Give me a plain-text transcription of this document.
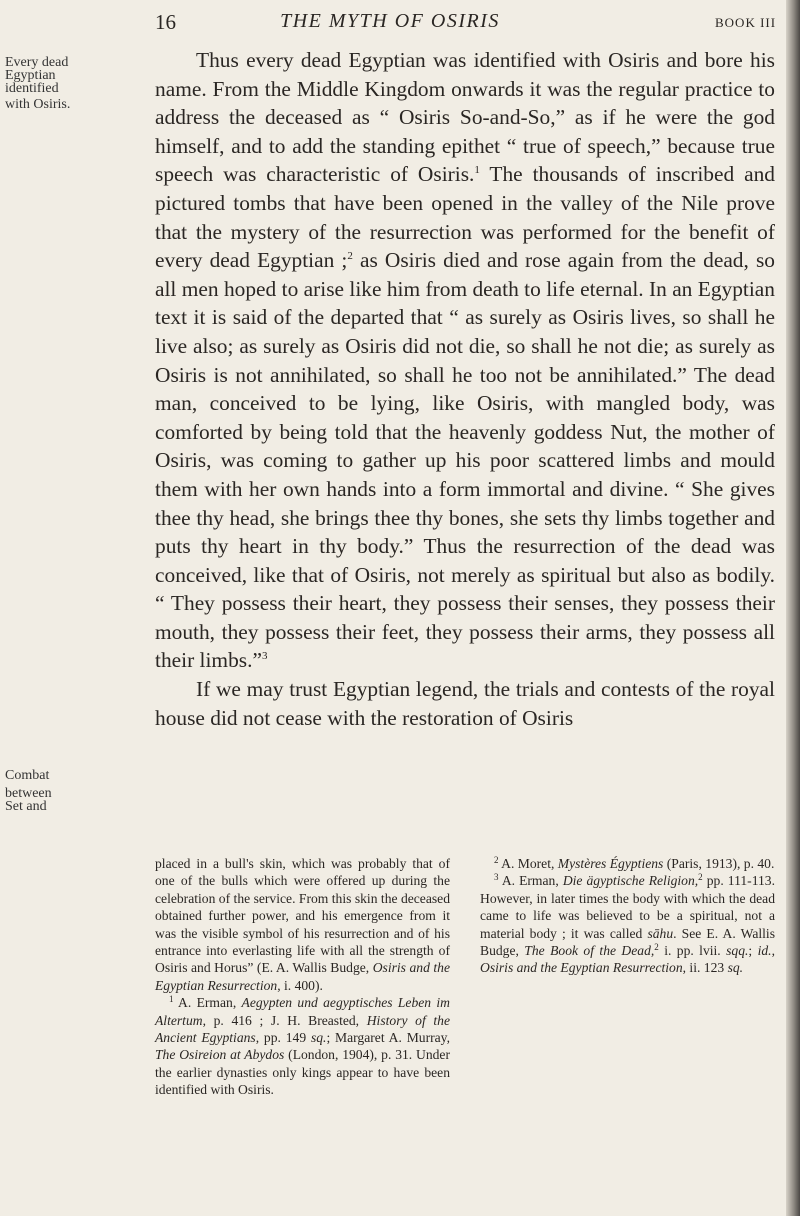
THE MYTH OF OSIRIS
16	BOOK III
Every dead
Egyptian
identified
with Osiris.
Combat
between
Set and

Thus every dead Egyptian was identified with Osiris and bore his name. From the Middle Kingdom onwards it was the regular practice to address the deceased as “ Osiris So-and-So,” as if he were the god himself, and to add the standing epithet “ true of speech,” because true speech was characteristic of Osiris.$^1$ The thousands of inscribed and pictured tombs that have been opened in the valley of the Nile prove that the mystery of the resurrection was performed for the benefit of every dead Egyptian ;$^2$ as Osiris died and rose again from the dead, so all men hoped to arise like him from death to life eternal. In an Egyptian text it is said of the departed that “ as surely as Osiris lives, so shall he live also; as surely as Osiris did not die, so shall he not die; as surely as Osiris is not annihilated, so shall he too not be annihilated.” The dead man, conceived to be lying, like Osiris, with mangled body, was comforted by being told that the heavenly goddess Nut, the mother of Osiris, was coming to gather up his poor scattered limbs and mould them with her own hands into a form immortal and divine. “ She gives thee thy head, she brings thee thy bones, she sets thy limbs together and puts thy heart in thy body.” Thus the resurrection of the dead was conceived, like that of Osiris, not merely as spiritual but also as bodily. “ They possess their heart, they possess their senses, they possess their mouth, they possess their feet, they possess their arms, they possess all their limbs.”$^3$

If we may trust Egyptian legend, the trials and contests of the royal house did not cease with the restoration of Osiris

placed in a bull's skin, which was probably that of one of the bulls which were offered up during the celebration of the service. From this skin the deceased obtained further power, and his emergence from it was the visible symbol of his resurrection and of his entrance into everlasting life with all the strength of Osiris and Horus” (E. A. Wallis Budge, Osiris and the Egyptian Resurrection, i. 400).

$^1$ A. Erman, Aegypten und aegyptisches Leben im Altertum, p. 416 ; J. H. Breasted, History of the Ancient Egyptians, pp. 149 sq.; Margaret A. Murray, The Osireion at Abydos (London, 1904), p. 31. Under the earlier dynasties only kings appear to have been identified with Osiris.

$^2$ A. Moret, Mystères Égyptiens (Paris, 1913), p. 40.

$^3$ A. Erman, Die ägyptische Religion,$^2$ pp. 111-113. However, in later times the body with which the dead came to life was believed to be a spiritual, not a material body ; it was called sāhu. See E. A. Wallis Budge, The Book of the Dead,$^2$ i. pp. lvii. sqq.; id., Osiris and the Egyptian Resurrection, ii. 123 sq.
